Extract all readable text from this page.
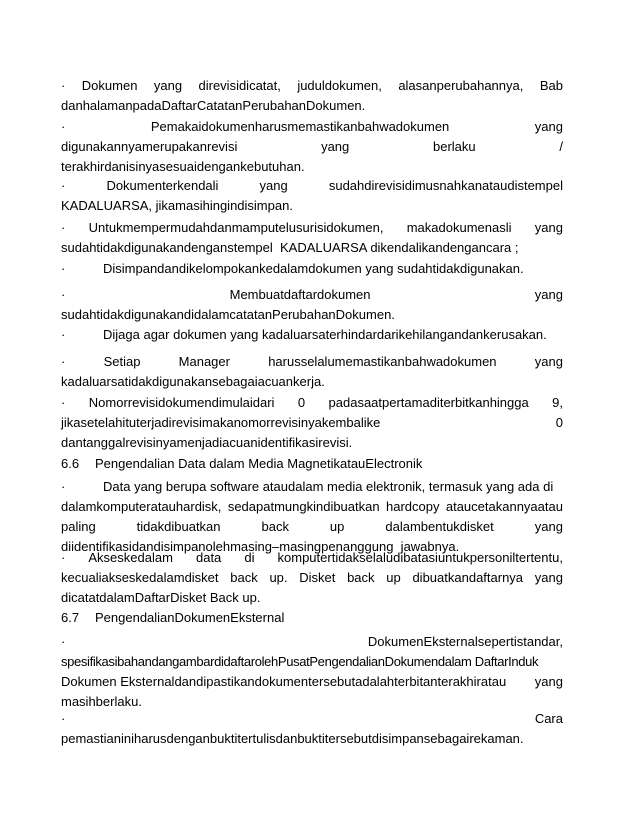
· Dokumen yang direvisidicatat, juduldokumen, alasanperubahannya, Bab
danhalamanpadaDaftarCatatanPerubahanDokumen.
·	Pemakaidokumenharusmemastikanbahwadokumen	yang
digunakannyamerupakanrevisi	yang	berlaku	/
terakhirdanisinyasesuaidengankebutuhan.
·	Dokumenterkendali	yang	sudahdirevisidimusnahkanataudistempel
KADALUARSA, jikamasihingindisimpan.
· Untukmempermudahdanmamputelusurisidokumen, makadokumenasli yang
sudahtidakdigunakandenganstempel  KADALUARSA dikendalikandengancara ;
·	Disimpandandikelompokankedalamdokumen yang sudahtidakdigunakan.
·	Membuatdaftardokumen	yang
sudahtidakdigunakandidalamcatatanPerubahanDokumen.
·	Dijaga agar dokumen yang kadaluarsaterhindardarikehilangandankerusakan.
·	Setiap	Manager	harusselalumemastikanbahwadokumen	yang
kadaluarsatidakdigunakansebagaiacuankerja.
· Nomorrevisidokumendimulaidari 0 padasaatpertamaditerbitkanhingga 9,
jikasetelahituterjadirevisimakanomorrevisinyakembalike	0
dantanggalrevisinyamenjadiacuanidentifikasirevisi.
6.6 Pengendalian Data dalam Media MagnetikatauElectronik
·	Data yang berupa software ataudalam media elektronik, termasuk yang ada di
dalamkomputeratauhardisk, sedapatmungkindibuatkan hardcopy ataucetakannyaatau
paling	tidakdibuatkan	back	up	dalambentukdisket	yang
diidentifikasidandisimpanolehmasing–masingpenanggung  jawabnya.
· Akseskedalam data di komputertidakselaludibatasiuntukpersoniltertentu,
kecualiakseskedalamdisket back up. Disket back up dibuatkandaftarnya yang
dicatatdalamDaftarDisket Back up.
6.7 PengendalianDokumenEksternal
·	DokumenEksternalsepertistandar,
spesifikasibahandangambardidaftarolehPusatPengendalianDokumendalam DaftarInduk
Dokumen Eksternaldandipastikandokumentersebutadalahterbitanterakhiratau yang
masihberlaku.
·	Cara
pemastianiniharusdenganbuktitertulisdanbuktitersebutdisimpansebagairekaman.
